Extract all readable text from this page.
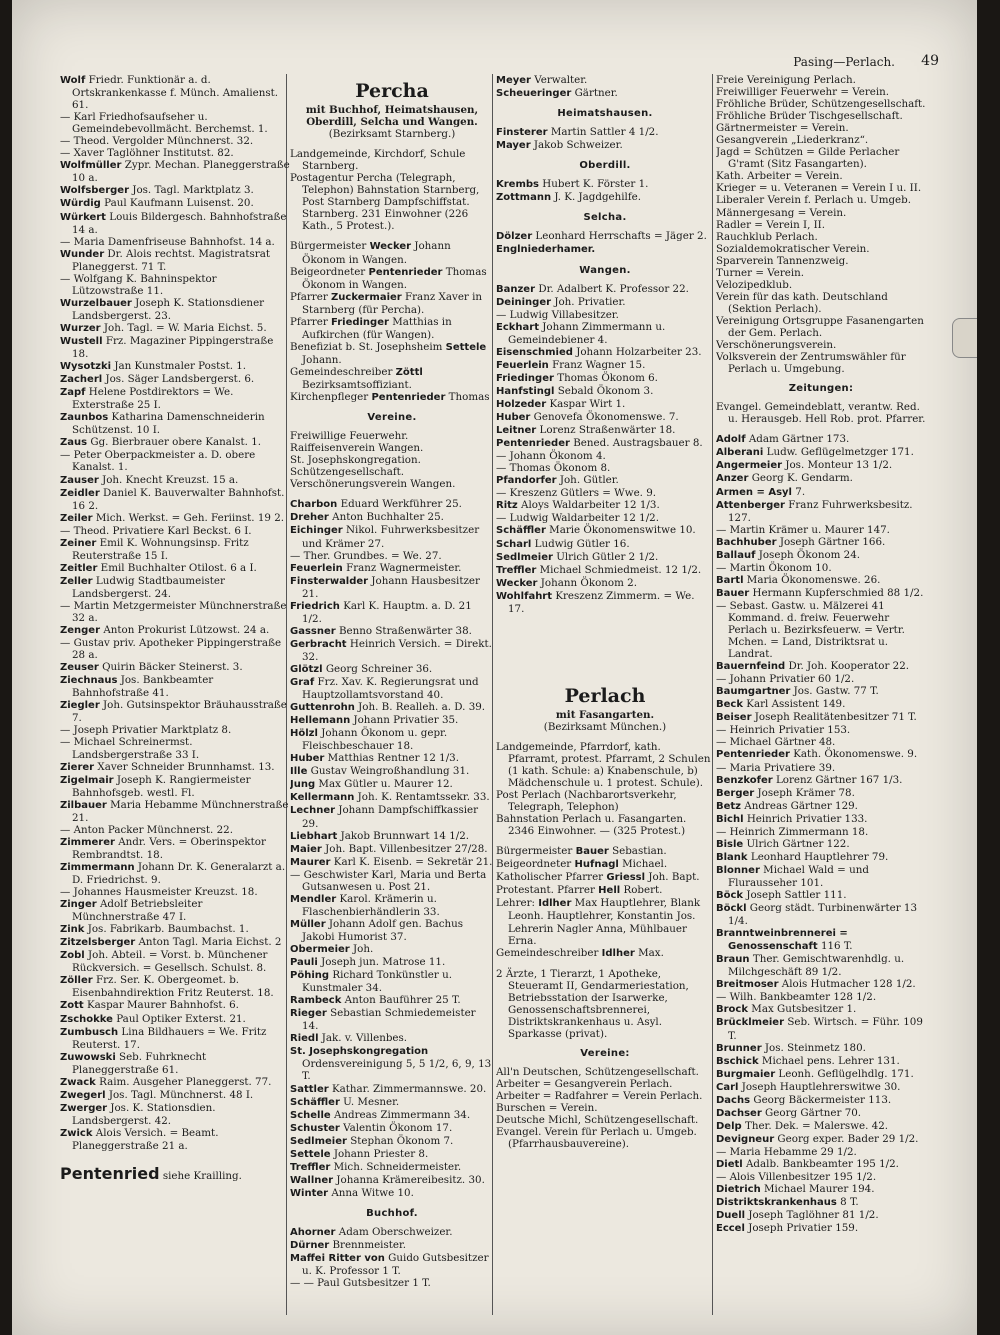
Pasing—Perlach. 49

Wolf Friedr. Funktionär a. d. Ortskrankenkasse f. Münch. Amalienst. 61.

— Karl Friedhofsaufseher u. Gemeindebevollmächt. Berchemst. 1.

— Theod. Vergolder Münchnerst. 32.

— Xaver Taglöhner Institutst. 82.

Wolfmüller Zypr. Mechan. Planeggerstraße 10 a.

Wolfsberger Jos. Tagl. Marktplatz 3.

Würdig Paul Kaufmann Luisenst. 20.

Würkert Louis Bildergesch. Bahnhofstraße 14 a.

— Maria Damenfriseuse Bahnhofst. 14 a.

Wunder Dr. Alois rechtst. Magistratsrat Planeggerst. 71 T.

— Wolfgang K. Bahninspektor Lützowstraße 11.

Wurzelbauer Joseph K. Stationsdiener Landsbergerst. 23.

Wurzer Joh. Tagl. = W. Maria Eichst. 5.

Wustell Frz. Magaziner Pippingerstraße 18.

Wysotzki Jan Kunstmaler Postst. 1.

Zacherl Jos. Säger Landsbergerst. 6.

Zapf Helene Postdirektors = We. Exterstraße 25 I.

Zaunbos Katharina Damenschneiderin Schützenst. 10 I.

Zaus Gg. Bierbrauer obere Kanalst. 1.

— Peter Oberpackmeister a. D. obere Kanalst. 1.

Zauser Joh. Knecht Kreuzst. 15 a.

Zeidler Daniel K. Bauverwalter Bahnhofst. 16 2.

Zeiler Mich. Werkst. = Geh. Feriinst. 19 2.

— Theod. Privatiere Karl Beckst. 6 I.

Zeiner Emil K. Wohnungsinsp. Fritz Reuterstraße 15 I.

Zeitler Emil Buchhalter Otilost. 6 a I.

Zeller Ludwig Stadtbaumeister Landsbergerst. 24.

— Martin Metzgermeister Münchnerstraße 32 a.

Zenger Anton Prokurist Lützowst. 24 a.

— Gustav priv. Apotheker Pippingerstraße 28 a.

Zeuser Quirin Bäcker Steinerst. 3.

Ziechnaus Jos. Bankbeamter Bahnhofstraße 41.

Ziegler Joh. Gutsinspektor Bräuhausstraße 7.

— Joseph Privatier Marktplatz 8.

— Michael Schreinermst. Landsbergerstraße 33 I.

Zierer Xaver Schneider Brunnhamst. 13.

Zigelmair Joseph K. Rangiermeister Bahnhofsgeb. westl. Fl.

Zilbauer Maria Hebamme Münchnerstraße 21.

— Anton Packer Münchnerst. 22.

Zimmerer Andr. Vers. = Oberinspektor Rembrandtst. 18.

Zimmermann Johann Dr. K. Generalarzt a. D. Friedrichst. 9.

— Johannes Hausmeister Kreuzst. 18.

Zinger Adolf Betriebsleiter Münchnerstraße 47 I.

Zink Jos. Fabrikarb. Baumbachst. 1.

Zitzelsberger Anton Tagl. Maria Eichst. 2

Zobl Joh. Abteil. = Vorst. b. Münchener Rückversich. = Gesellsch. Schulst. 8.

Zöller Frz. Ser. K. Obergeomet. b. Eisenbahndirektion Fritz Reuterst. 18.

Zott Kaspar Maurer Bahnhofst. 6.

Zschokke Paul Optiker Exterst. 21.

Zumbusch Lina Bildhauers = We. Fritz Reuterst. 17.

Zuwowski Seb. Fuhrknecht Planeggerstraße 61.

Zwack Raim. Ausgeher Planeggerst. 77.

Zwegerl Jos. Tagl. Münchnerst. 48 I.

Zwerger Jos. K. Stationsdien. Landsbergerst. 42.

Zwick Alois Versich. = Beamt. Planeggerstraße 21 a.

Pentenried siehe Krailling.

Percha
mit Buchhof, Heimatshausen, Oberdill, Selcha und Wangen.
(Bezirksamt Starnberg.)

Landgemeinde, Kirchdorf, Schule Starnberg.

Postagentur Percha (Telegraph, Telephon) Bahnstation Starnberg, Post Starnberg Dampfschiffstat. Starnberg. 231 Einwohner (226 Kath., 5 Protest.).

Bürgermeister Wecker Johann Ökonom in Wangen.

Beigeordneter Pentenrieder Thomas Ökonom in Wangen.

Pfarrer Zuckermaier Franz Xaver in Starnberg (für Percha).

Pfarrer Friedinger Matthias in Aufkirchen (für Wangen).

Benefiziat b. St. Josephsheim Settele Johann.

Gemeindeschreiber Zöttl Bezirksamtsoffiziant.

Kirchenpfleger Pentenrieder Thomas

Vereine.

Freiwillige Feuerwehr.

Raiffeisenverein Wangen.

St. Josephskongregation.

Schützengesellschaft.

Verschönerungsverein Wangen.

Charbon Eduard Werkführer 25.

Dreher Anton Buchhalter 25.

Eichinger Nikol. Fuhrwerksbesitzer und Krämer 27.

— Ther. Grundbes. = We. 27.

Feuerlein Franz Wagnermeister.

Finsterwalder Johann Hausbesitzer 21.

Friedrich Karl K. Hauptm. a. D. 21 1/2.

Gassner Benno Straßenwärter 38.

Gerbracht Heinrich Versich. = Direkt. 32.

Glötzl Georg Schreiner 36.

Graf Frz. Xav. K. Regierungsrat und Hauptzollamtsvorstand 40.

Guttenrohn Joh. B. Realleh. a. D. 39.

Hellemann Johann Privatier 35.

Hölzl Johann Ökonom u. gepr. Fleischbeschauer 18.

Huber Matthias Rentner 12 1/3.

Ille Gustav Weingroßhandlung 31.

Jung Max Gütler u. Maurer 12.

Kellermann Joh. K. Rentamtssekr. 33.

Lechner Johann Dampfschiffkassier 29.

Liebhart Jakob Brunnwart 14 1/2.

Maier Joh. Bapt. Villenbesitzer 27/28.

Maurer Karl K. Eisenb. = Sekretär 21.

— Geschwister Karl, Maria und Berta Gutsanwesen u. Post 21.

Mendler Karol. Krämerin u. Flaschenbierhändlerin 33.

Müller Johann Adolf gen. Bachus Jakobi Humorist 37.

Obermeier Joh.

Pauli Joseph jun. Matrose 11.

Pöhing Richard Tonkünstler u. Kunstmaler 34.

Rambeck Anton Bauführer 25 T.

Rieger Sebastian Schmiedemeister 14.

Riedl Jak. v. Villenbes.

St. Josephskongregation Ordensvereinigung 5, 5 1/2, 6, 9, 13 T.

Sattler Kathar. Zimmermannswe. 20.

Schäffler U. Mesner.

Schelle Andreas Zimmermann 34.

Schuster Valentin Ökonom 17.

Sedlmeier Stephan Ökonom 7.

Settele Johann Priester 8.

Treffler Mich. Schneidermeister.

Wallner Johanna Krämereibesitz. 30.

Winter Anna Witwe 10.

Buchhof.

Ahorner Adam Oberschweizer.

Dürner Brennmeister.

Maffei Ritter von Guido Gutsbesitzer u. K. Professor 1 T.

— — Paul Gutsbesitzer 1 T.

Meyer Verwalter.

Scheueringer Gärtner.

Heimatshausen.

Finsterer Martin Sattler 4 1/2.

Mayer Jakob Schweizer.

Oberdill.

Krembs Hubert K. Förster 1.

Zottmann J. K. Jagdgehilfe.

Selcha.

Dölzer Leonhard Herrschafts = Jäger 2.

Englniederhamer.

Wangen.

Banzer Dr. Adalbert K. Professor 22.

Deininger Joh. Privatier.

— Ludwig Villabesitzer.

Eckhart Johann Zimmermann u. Gemeindebiener 4.

Eisenschmied Johann Holzarbeiter 23.

Feuerlein Franz Wagner 15.

Friedinger Thomas Ökonom 6.

Hanfstingl Sebald Ökonom 3.

Holzeder Kaspar Wirt 1.

Huber Genovefa Ökonomenswe. 7.

Leitner Lorenz Straßenwärter 18.

Pentenrieder Bened. Austragsbauer 8.

— Johann Ökonom 4.

— Thomas Ökonom 8.

Pfandorfer Joh. Gütler.

— Kreszenz Gütlers = Wwe. 9.

Ritz Aloys Waldarbeiter 12 1/3.

— Ludwig Waldarbeiter 12 1/2.

Schäffler Marie Ökonomenswitwe 10.

Scharl Ludwig Gütler 16.

Sedlmeier Ulrich Gütler 2 1/2.

Treffler Michael Schmiedmeist. 12 1/2.

Wecker Johann Ökonom 2.

Wohlfahrt Kreszenz Zimmerm. = We. 17.

Perlach
mit Fasangarten.
(Bezirksamt München.)

Landgemeinde, Pfarrdorf, kath. Pfarramt, protest. Pfarramt, 2 Schulen (1 kath. Schule: a) Knabenschule, b) Mädchenschule u. 1 protest. Schule).

Post Perlach (Nachbarortsverkehr, Telegraph, Telephon)

Bahnstation Perlach u. Fasangarten. 2346 Einwohner. — (325 Protest.)

Bürgermeister Bauer Sebastian.

Beigeordneter Hufnagl Michael.

Katholischer Pfarrer Griessl Joh. Bapt.

Protestant. Pfarrer Hell Robert.

Lehrer: Idlher Max Hauptlehrer, Blank Leonh. Hauptlehrer, Konstantin Jos. Lehrerin Nagler Anna, Mühlbauer Erna.

Gemeindeschreiber Idlher Max.

2 Ärzte, 1 Tierarzt, 1 Apotheke, Steueramt II, Gendarmeriestation, Betriebsstation der Isarwerke, Genossenschaftsbrennerei, Distriktskrankenhaus u. Asyl. Sparkasse (privat).

Vereine:

All'n Deutschen, Schützengesellschaft.

Arbeiter = Gesangverein Perlach.

Arbeiter = Radfahrer = Verein Perlach.

Burschen = Verein.

Deutsche Michl, Schützengesellschaft.

Evangel. Verein für Perlach u. Umgeb. (Pfarrhausbauvereine).

Freie Vereinigung Perlach.

Freiwilliger Feuerwehr = Verein.

Fröhliche Brüder, Schützengesellschaft.

Fröhliche Brüder Tischgesellschaft.

Gärtnermeister = Verein.

Gesangverein „Liederkranz“.

Jagd = Schützen = Gilde Perlacher G'ramt (Sitz Fasangarten).

Kath. Arbeiter = Verein.

Krieger = u. Veteranen = Verein I u. II.

Liberaler Verein f. Perlach u. Umgeb.

Männergesang = Verein.

Radler = Verein I, II.

Rauchklub Perlach.

Sozialdemokratischer Verein.

Sparverein Tannenzweig.

Turner = Verein.

Velozipedklub.

Verein für das kath. Deutschland (Sektion Perlach).

Vereinigung Ortsgruppe Fasanengarten der Gem. Perlach.

Verschönerungsverein.

Volksverein der Zentrumswähler für Perlach u. Umgebung.

Zeitungen:

Evangel. Gemeindeblatt, verantw. Red. u. Herausgeb. Hell Rob. prot. Pfarrer.

Adolf Adam Gärtner 173.

Alberani Ludw. Geflügelmetzger 171.

Angermeier Jos. Monteur 13 1/2.

Anzer Georg K. Gendarm.

Armen = Asyl 7.

Attenberger Franz Fuhrwerksbesitz. 127.

— Martin Krämer u. Maurer 147.

Bachhuber Joseph Gärtner 166.

Ballauf Joseph Ökonom 24.

— Martin Ökonom 10.

Bartl Maria Ökonomenswe. 26.

Bauer Hermann Kupferschmied 88 1/2.

— Sebast. Gastw. u. Mälzerei 41 Kommand. d. freiw. Feuerwehr Perlach u. Bezirksfeuerw. = Vertr. Mchen. = Land, Distriktsrat u. Landrat.

Bauernfeind Dr. Joh. Kooperator 22.

— Johann Privatier 60 1/2.

Baumgartner Jos. Gastw. 77 T.

Beck Karl Assistent 149.

Beiser Joseph Realitätenbesitzer 71 T.

— Heinrich Privatier 153.

— Michael Gärtner 48.

Pentenrieder Kath. Ökonomenswe. 9.

— Maria Privatiere 39.

Benzkofer Lorenz Gärtner 167 1/3.

Berger Joseph Krämer 78.

Betz Andreas Gärtner 129.

Bichl Heinrich Privatier 133.

— Heinrich Zimmermann 18.

Bisle Ulrich Gärtner 122.

Blank Leonhard Hauptlehrer 79.

Blonner Michael Wald = und Flurausseher 101.

Böck Joseph Sattler 111.

Böckl Georg städt. Turbinenwärter 13 1/4.

Branntweinbrennerei = Genossenschaft 116 T.

Braun Ther. Gemischtwarenhdlg. u. Milchgeschäft 89 1/2.

Breitmoser Alois Hutmacher 128 1/2.

— Wilh. Bankbeamter 128 1/2.

Brock Max Gutsbesitzer 1.

Brücklmeier Seb. Wirtsch. = Führ. 109 T.

Brunner Jos. Steinmetz 180.

Bschick Michael pens. Lehrer 131.

Burgmaier Leonh. Geflügelhdlg. 171.

Carl Joseph Hauptlehrerswitwe 30.

Dachs Georg Bäckermeister 113.

Dachser Georg Gärtner 70.

Delp Ther. Dek. = Malerswe. 42.

Devigneur Georg exper. Bader 29 1/2.

— Maria Hebamme 29 1/2.

Dietl Adalb. Bankbeamter 195 1/2.

— Alois Villenbesitzer 195 1/2.

Dietrich Michael Maurer 194.

Distriktskrankenhaus 8 T.

Duell Joseph Taglöhner 81 1/2.

Eccel Joseph Privatier 159.
